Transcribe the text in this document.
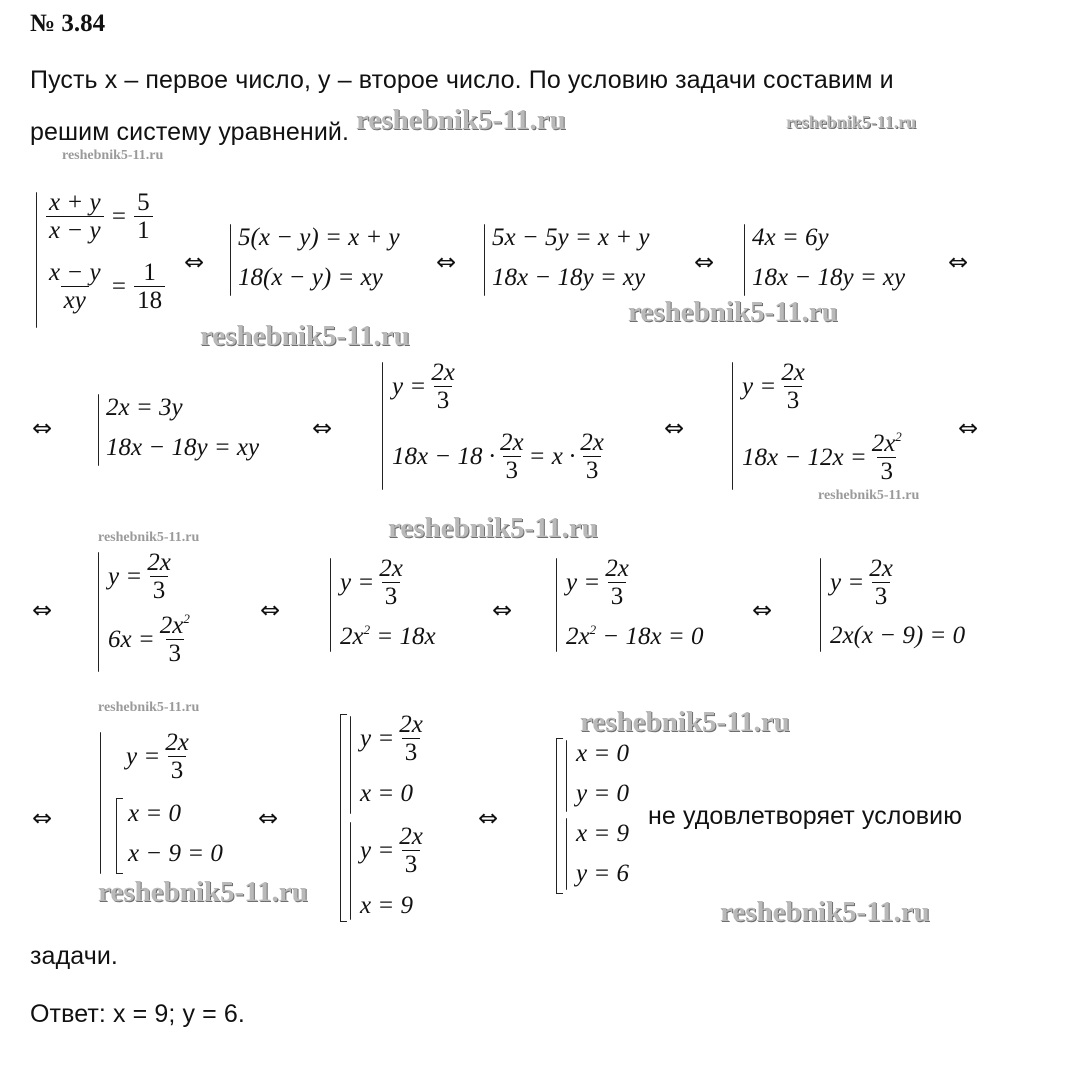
№ 3.84
Пусть x – первое число, y – второе число. По условию задачи составим и
решим систему уравнений. reshebnik5-11.ru	reshebnik5-11.ru
reshebnik5-11.ru
reshebnik5-11.ru
reshebnik5-11.ru
reshebnik5-11.ru
reshebnik5-11.ru
reshebnik5-11.ru
reshebnik5-11.ru	reshebnik5-11.ru
reshebnik5-11.ru
reshebnik5-11.ru
$\frac{x + y}{x - y} = \frac{5}{1}$
$\frac{x - y}{xy} = \frac{1}{18}$ ⇔
5(x − y) = x + y
18(x − y) = xy
⇔
5x − 5y = x + y
18x − 18y = xy
⇔
4x = 6y
18x − 18y = xy
⇔
⇔
2x = 3y
18x − 18y = xy
⇔
$y = \frac{2x}{3}$
$18x - 18 \cdot \frac{2x}{3} = x \cdot \frac{2x}{3}$
⇔
$y = \frac{2x}{3}$
$18x - 12x = \frac{2x^2}{3}$
⇔
⇔
$y = \frac{2x}{3}$
$6x = \frac{2x^2}{3}$
⇔
$y = \frac{2x}{3}$
$2x^2 = 18x$
⇔
$y = \frac{2x}{3}$
$2x^2 - 18x = 0$
⇔
$y = \frac{2x}{3}$
2x(x − 9) = 0
⇔
$y = \frac{2x}{3}$
x = 0
x − 9 = 0
⇔
$y = \frac{2x}{3}$
x = 0
$y = \frac{2x}{3}$
x = 9
⇔
x = 0
y = 0
x = 9
y = 6
не удовлетворяет условию
задачи.
Ответ: x = 9; y = 6.
